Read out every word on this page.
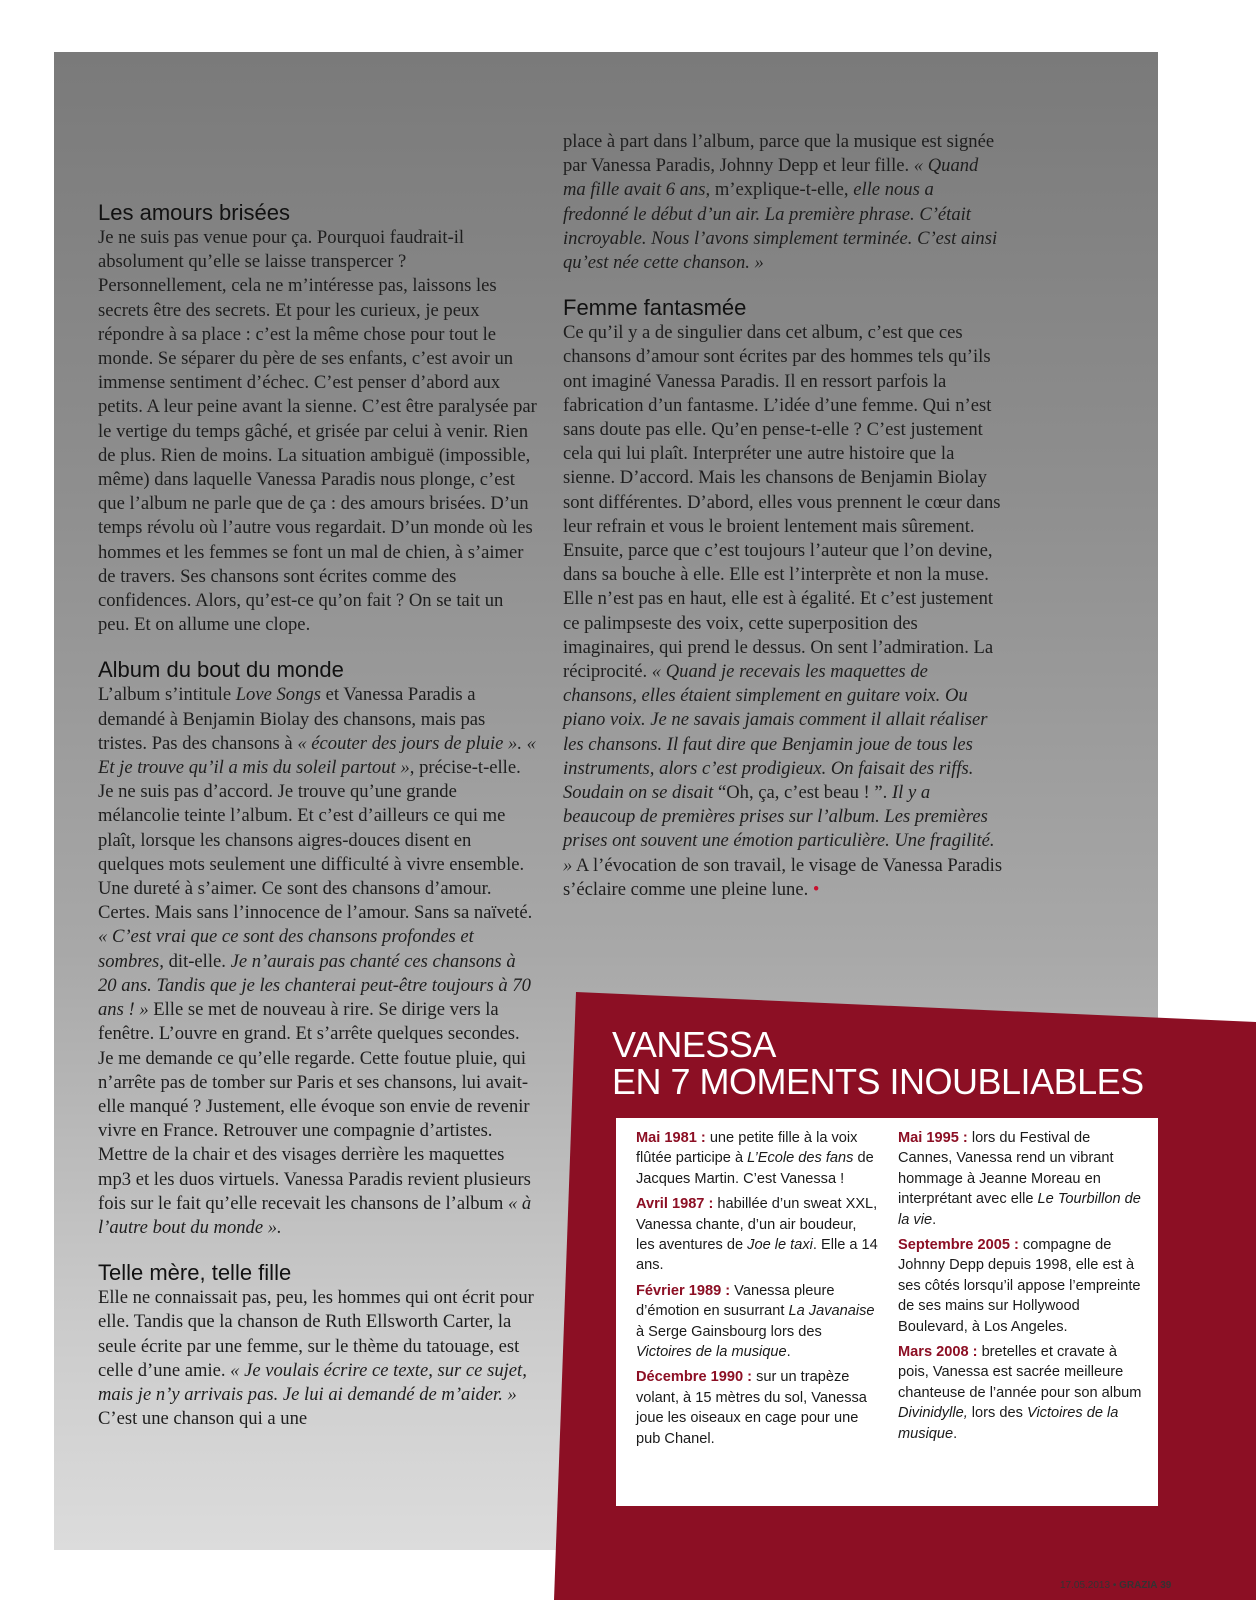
Les amours brisées

Je ne suis pas venue pour ça. Pourquoi faudrait-il absolument qu’elle se laisse transpercer ? Personnellement, cela ne m’intéresse pas, laissons les secrets être des secrets. Et pour les curieux, je peux répondre à sa place : c’est la même chose pour tout le monde. Se séparer du père de ses enfants, c’est avoir un immense sentiment d’échec. C’est penser d’abord aux petits. A leur peine avant la sienne. C’est être paralysée par le vertige du temps gâché, et grisée par celui à venir. Rien de plus. Rien de moins. La situation ambiguë (impossible, même) dans laquelle Vanessa Paradis nous plonge, c’est que l’album ne parle que de ça : des amours brisées. D’un temps révolu où l’autre vous regardait. D’un monde où les hommes et les femmes se font un mal de chien, à s’aimer de travers. Ses chansons sont écrites comme des confidences. Alors, qu’est-ce qu’on fait ? On se tait un peu. Et on allume une clope.

Album du bout du monde

L’album s’intitule Love Songs et Vanessa Paradis a demandé à Benjamin Biolay des chansons, mais pas tristes. Pas des chansons à « écouter des jours de pluie ». « Et je trouve qu’il a mis du soleil partout », précise-t-elle. Je ne suis pas d’accord. Je trouve qu’une grande mélancolie teinte l’album. Et c’est d’ailleurs ce qui me plaît, lorsque les chansons aigres-douces disent en quelques mots seulement une difficulté à vivre ensemble. Une dureté à s’aimer. Ce sont des chansons d’amour. Certes. Mais sans l’innocence de l’amour. Sans sa naïveté. « C’est vrai que ce sont des chansons profondes et sombres, dit-elle. Je n’aurais pas chanté ces chansons à 20 ans. Tandis que je les chanterai peut-être toujours à 70 ans ! » Elle se met de nouveau à rire. Se dirige vers la fenêtre. L’ouvre en grand. Et s’arrête quelques secondes. Je me demande ce qu’elle regarde. Cette foutue pluie, qui n’arrête pas de tomber sur Paris et ses chansons, lui avait-elle manqué ? Justement, elle évoque son envie de revenir vivre en France. Retrouver une compagnie d’artistes. Mettre de la chair et des visages derrière les maquettes mp3 et les duos virtuels. Vanessa Paradis revient plusieurs fois sur le fait qu’elle recevait les chansons de l’album « à l’autre bout du monde ».

Telle mère, telle fille

Elle ne connaissait pas, peu, les hommes qui ont écrit pour elle. Tandis que la chanson de Ruth Ellsworth Carter, la seule écrite par une femme, sur le thème du tatouage, est celle d’une amie. « Je voulais écrire ce texte, sur ce sujet, mais je n’y arrivais pas. Je lui ai demandé de m’aider. » C’est une chanson qui a une

place à part dans l’album, parce que la musique est signée par Vanessa Paradis, Johnny Depp et leur fille. « Quand ma fille avait 6 ans, m’explique-t-elle, elle nous a fredonné le début d’un air. La première phrase. C’était incroyable. Nous l’avons simplement terminée. C’est ainsi qu’est née cette chanson. »

Femme fantasmée

Ce qu’il y a de singulier dans cet album, c’est que ces chansons d’amour sont écrites par des hommes tels qu’ils ont imaginé Vanessa Paradis. Il en ressort parfois la fabrication d’un fantasme. L’idée d’une femme. Qui n’est sans doute pas elle. Qu’en pense-t-elle ? C’est justement cela qui lui plaît. Interpréter une autre histoire que la sienne. D’accord. Mais les chansons de Benjamin Biolay sont différentes. D’abord, elles vous prennent le cœur dans leur refrain et vous le broient lentement mais sûrement. Ensuite, parce que c’est toujours l’auteur que l’on devine, dans sa bouche à elle. Elle est l’interprète et non la muse. Elle n’est pas en haut, elle est à égalité. Et c’est justement ce palimpseste des voix, cette superposition des imaginaires, qui prend le dessus. On sent l’admiration. La réciprocité. « Quand je recevais les maquettes de chansons, elles étaient simplement en guitare voix. Ou piano voix. Je ne savais jamais comment il allait réaliser les chansons. Il faut dire que Benjamin joue de tous les instruments, alors c’est prodigieux. On faisait des riffs. Soudain on se disait “Oh, ça, c’est beau ! ”. Il y a beaucoup de premières prises sur l’album. Les premières prises ont souvent une émotion particulière. Une fragilité. » A l’évocation de son travail, le visage de Vanessa Paradis s’éclaire comme une pleine lune. •

VANESSA
EN 7 MOMENTS INOUBLIABLES

Mai 1981 : une petite fille à la voix flûtée participe à L’Ecole des fans de Jacques Martin. C’est Vanessa !

Avril 1987 : habillée d’un sweat XXL, Vanessa chante, d’un air boudeur, les aventures de Joe le taxi. Elle a 14 ans.

Février 1989 : Vanessa pleure d’émotion en susurrant La Javanaise à Serge Gainsbourg lors des Victoires de la musique.

Décembre 1990 : sur un trapèze volant, à 15 mètres du sol, Vanessa joue les oiseaux en cage pour une pub Chanel.

Mai 1995 : lors du Festival de Cannes, Vanessa rend un vibrant hommage à Jeanne Moreau en interprétant avec elle Le Tourbillon de la vie.

Septembre 2005 : compagne de Johnny Depp depuis 1998, elle est à ses côtés lorsqu’il appose l’empreinte de ses mains sur Hollywood Boulevard, à Los Angeles.

Mars 2008 : bretelles et cravate à pois, Vanessa est sacrée meilleure chanteuse de l’année pour son album Divinidylle, lors des Victoires de la musique.

17.05.2013 • GRAZIA 39
